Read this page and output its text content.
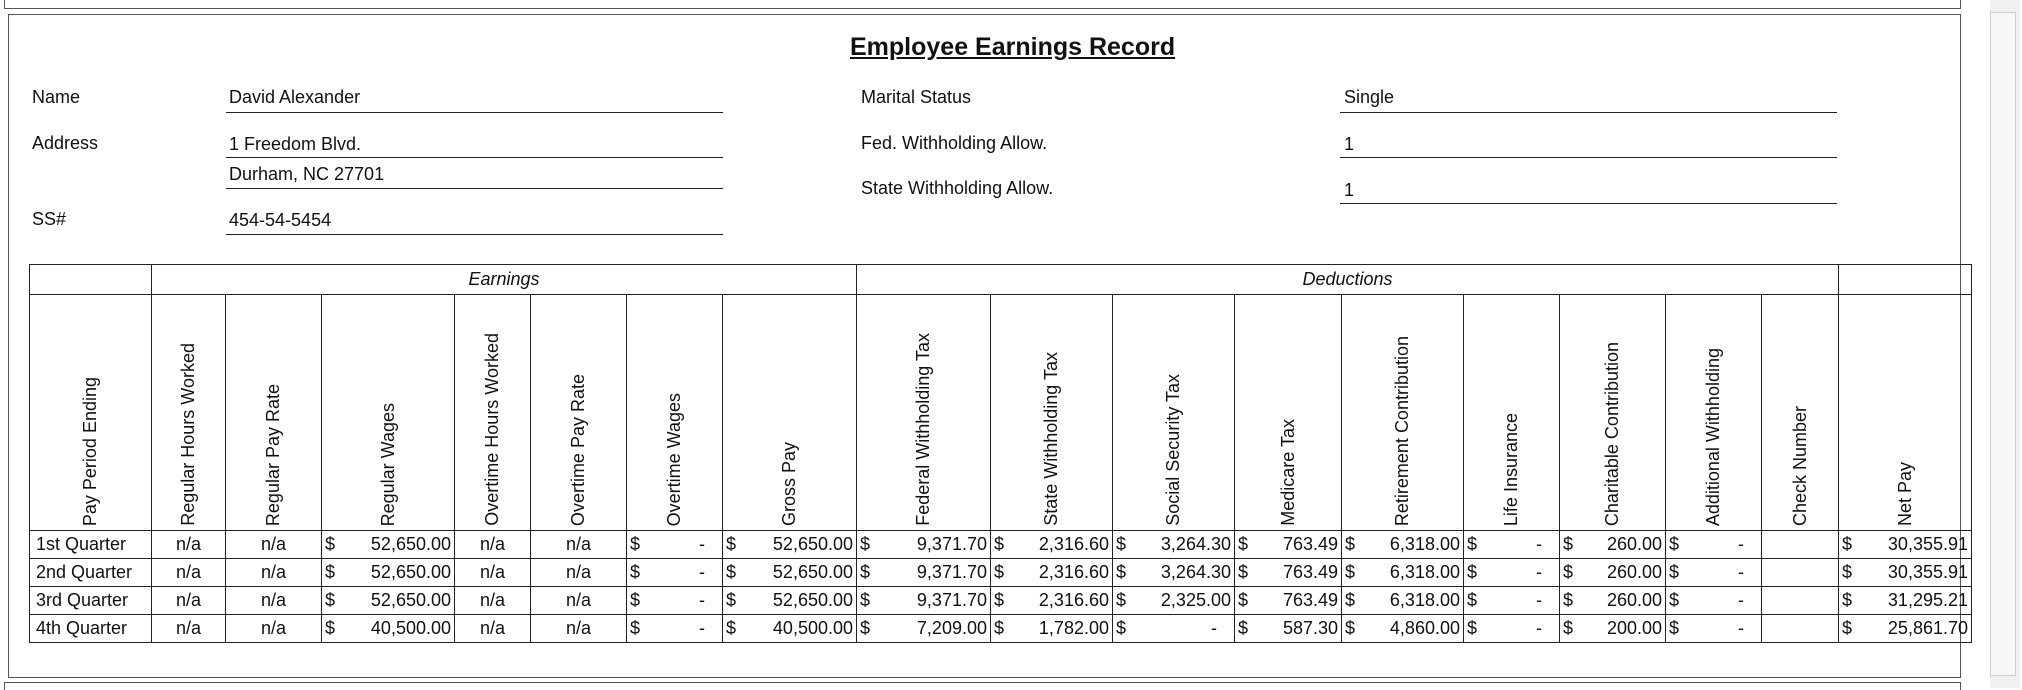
Employee Earnings Record
Name	David Alexander
Address	1 Freedom Blvd.
Durham, NC 27701
SS#	454-54-5454
Marital Status	Single
Fed. Withholding Allow.	1
State Withholding Allow.	1
	Earnings							Deductions									

Pay Period Ending	Regular Hours Worked	Regular Pay Rate	Regular Wages	Overtime Hours Worked	Overtime Pay Rate	Overtime Wages	Gross Pay	Federal Withholding Tax	State Withholding Tax	Social Security Tax	Medicare Tax	Retirement Contribution	Life Insurance	Charitable Contribution	Additional Withholding	Check Number	Net Pay

1st Quarter	n/a	n/a	$ 52,650.00	n/a	n/a	$ -	$ 52,650.00	$ 9,371.70	$ 2,316.60	$ 3,264.30	$ 763.49	$ 6,318.00	$ -	$ 260.00	$ -		$ 30,355.91

2nd Quarter	n/a	n/a	$ 52,650.00	n/a	n/a	$ -	$ 52,650.00	$ 9,371.70	$ 2,316.60	$ 3,264.30	$ 763.49	$ 6,318.00	$ -	$ 260.00	$ -		$ 30,355.91

3rd Quarter	n/a	n/a	$ 52,650.00	n/a	n/a	$ -	$ 52,650.00	$ 9,371.70	$ 2,316.60	$ 2,325.00	$ 763.49	$ 6,318.00	$ -	$ 260.00	$ -		$ 31,295.21

4th Quarter	n/a	n/a	$ 40,500.00	n/a	n/a	$ -	$ 40,500.00	$ 7,209.00	$ 1,782.00	$ -	$ 587.30	$ 4,860.00	$ -	$ 200.00	$ -		$ 25,861.70
